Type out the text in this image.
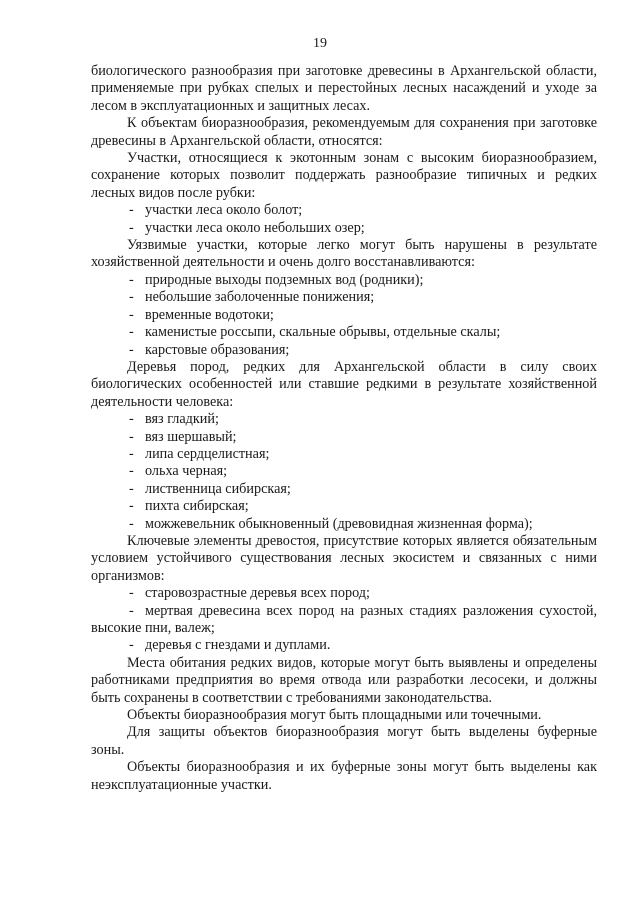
19

биологического разнообразия при заготовке древесины в Архангельской области, применяемые при рубках спелых и перестойных лесных насаждений и уходе за лесом в эксплуатационных и защитных лесах.

К объектам биоразнообразия, рекомендуемым для сохранения при заготовке древесины в Архангельской области, относятся:

Участки, относящиеся к экотонным зонам с высоким биоразнообразием, сохранение которых позволит поддержать разнообразие типичных и редких лесных видов после рубки:

- участки леса около болот;
- участки леса около небольших озер;

Уязвимые участки, которые легко могут быть нарушены в результате хозяйственной деятельности и очень долго восстанавливаются:

- природные выходы подземных вод (родники);
- небольшие заболоченные понижения;
- временные водотоки;
- каменистые россыпи, скальные обрывы, отдельные скалы;
- карстовые образования;

Деревья пород, редких для Архангельской области в силу своих биологических особенностей или ставшие редкими в результате хозяйственной деятельности человека:

- вяз гладкий;
- вяз шершавый;
- липа сердцелистная;
- ольха черная;
- лиственница сибирская;
- пихта сибирская;
- можжевельник обыкновенный (древовидная жизненная форма);

Ключевые элементы древостоя, присутствие которых является обязательным условием устойчивого существования лесных экосистем и связанных с ними организмов:

- старовозрастные деревья всех пород;
- мертвая древесина всех пород на разных стадиях разложения сухостой, высокие пни, валеж;
- деревья с гнездами и дуплами.

Места обитания редких видов, которые могут быть выявлены и определены работниками предприятия во время отвода или разработки лесосеки, и должны быть сохранены в соответствии с требованиями законодательства.

Объекты биоразнообразия могут быть площадными или точечными.

Для защиты объектов биоразнообразия могут быть выделены буферные зоны.

Объекты биоразнообразия и их буферные зоны могут быть выделены как неэксплуатационные участки.
